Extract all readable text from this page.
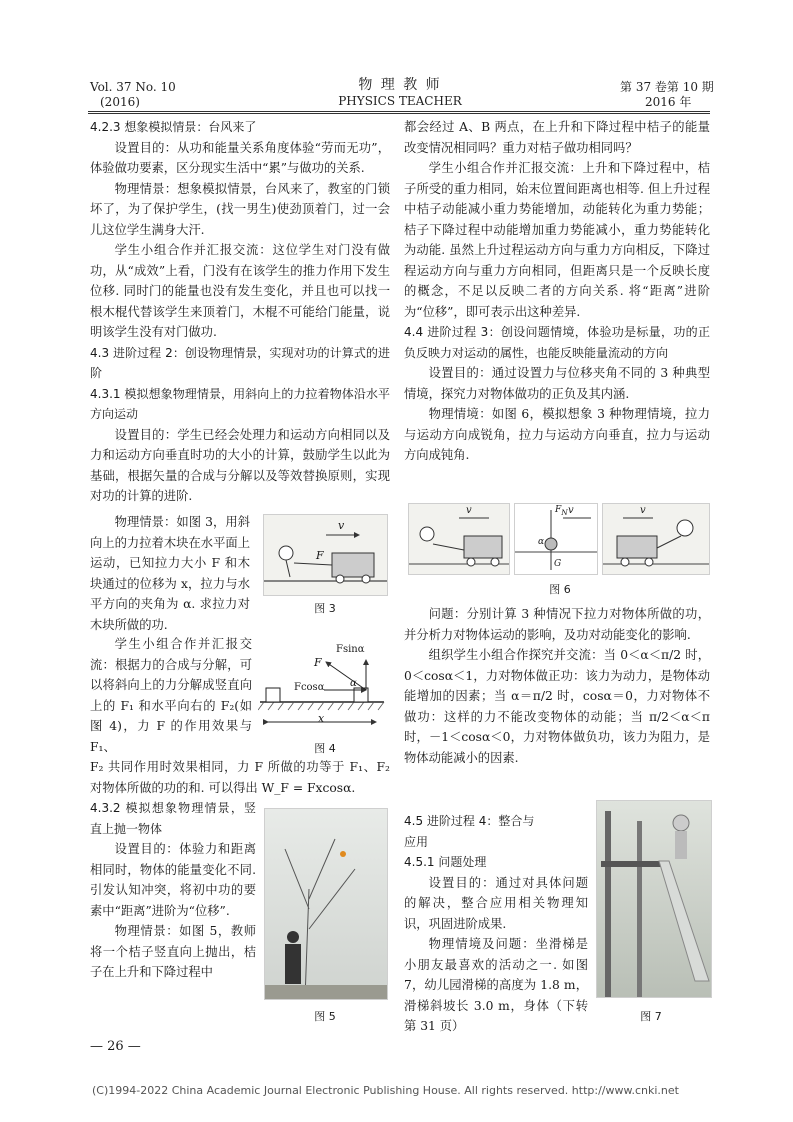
Vol. 37 No. 10
(2016)
物 理 教 师
PHYSICS TEACHER
第 37 卷第 10 期
2016 年

4.2.3 想象模拟情景：台风来了

设置目的：从功和能量关系角度体验“劳而无功”，体验做功要素，区分现实生活中“累”与做功的关系.

物理情景：想象模拟情景，台风来了，教室的门锁坏了，为了保护学生，(找一男生)使劲顶着门，过一会儿这位学生满身大汗.

学生小组合作并汇报交流：这位学生对门没有做功，从“成效”上看，门没有在该学生的推力作用下发生位移. 同时门的能量也没有发生变化，并且也可以找一根木棍代替该学生来顶着门，木棍不可能给门能量，说明该学生没有对门做功.

4.3 进阶过程 2：创设物理情景，实现对功的计算式的进阶

4.3.1 模拟想象物理情景，用斜向上的力拉着物体沿水平方向运动

设置目的：学生已经会处理力和运动方向相同以及力和运动方向垂直时功的大小的计算，鼓励学生以此为基础，根据矢量的合成与分解以及等效替换原则，实现对功的计算的进阶.

物理情景：如图 3，用斜向上的力拉着木块在水平面上运动，已知拉力大小 F 和木块通过的位移为 x，拉力与水平方向的夹角为 α. 求拉力对木块所做的功.

v
F
图 3

学生小组合作并汇报交流：根据力的合成与分解，可以将斜向上的力分解成竖直向上的 F₁ 和水平向右的 F₂(如图 4)，力 F 的作用效果与 F₁、

F
Fsinα
Fcosα	α
x
图 4

F₂ 共同作用时效果相同，力 F 所做的功等于 F₁、F₂ 对物体所做的功的和. 可以得出 W_F = Fxcosα.

4.3.2 模拟想象物理情景，竖直上抛一物体

设置目的：体验力和距离相同时，物体的能量变化不同. 引发认知冲突，将初中功的要素中“距离”进阶为“位移”.

物理情景：如图 5，教师将一个桔子竖直向上抛出，桔子在上升和下降过程中

图 5

都会经过 A、B 两点，在上升和下降过程中桔子的能量改变情况相同吗？重力对桔子做功相同吗？

学生小组合作并汇报交流：上升和下降过程中，桔子所受的重力相同，始末位置间距离也相等. 但上升过程中桔子动能减小重力势能增加，动能转化为重力势能；桔子下降过程中动能增加重力势能减小，重力势能转化为动能. 虽然上升过程运动方向与重力方向相反，下降过程运动方向与重力方向相同，但距离只是一个反映长度的概念，不足以反映二者的方向关系. 将“距离”进阶为“位移”，即可表示出这种差异.

4.4 进阶过程 3：创设问题情境，体验功是标量，功的正负反映力对运动的属性，也能反映能量流动的方向

设置目的：通过设置力与位移夹角不同的 3 种典型情境，探究力对物体做功的正负及其内涵.

物理情境：如图 6，模拟想象 3 种物理情境，拉力与运动方向成锐角，拉力与运动方向垂直，拉力与运动方向成钝角.

v	v
$F_N$
G
α
v
图 6

问题：分别计算 3 种情况下拉力对物体所做的功，并分析力对物体运动的影响，及功对动能变化的影响.

组织学生小组合作探究并交流：当 0＜α＜π/2 时，0＜cosα＜1，力对物体做正功：该力为动力，是物体动能增加的因素；当 α＝π/2 时，cosα＝0，力对物体不做功：这样的力不能改变物体的动能；当 π/2＜α＜π 时，－1＜cosα＜0，力对物体做负功，该力为阻力，是物体动能减小的因素.

4.5 进阶过程 4：整合与

应用

4.5.1 问题处理

设置目的：通过对具体问题的解决，整合应用相关物理知识，巩固进阶成果.

物理情境及问题：坐滑梯是小朋友最喜欢的活动之一. 如图 7，幼儿园滑梯的高度为 1.8 m，滑梯斜坡长 3.0 m，身体（下转第 31 页）

图 7
— 26 —
(C)1994-2022 China Academic Journal Electronic Publishing House. All rights reserved. http://www.cnki.net
